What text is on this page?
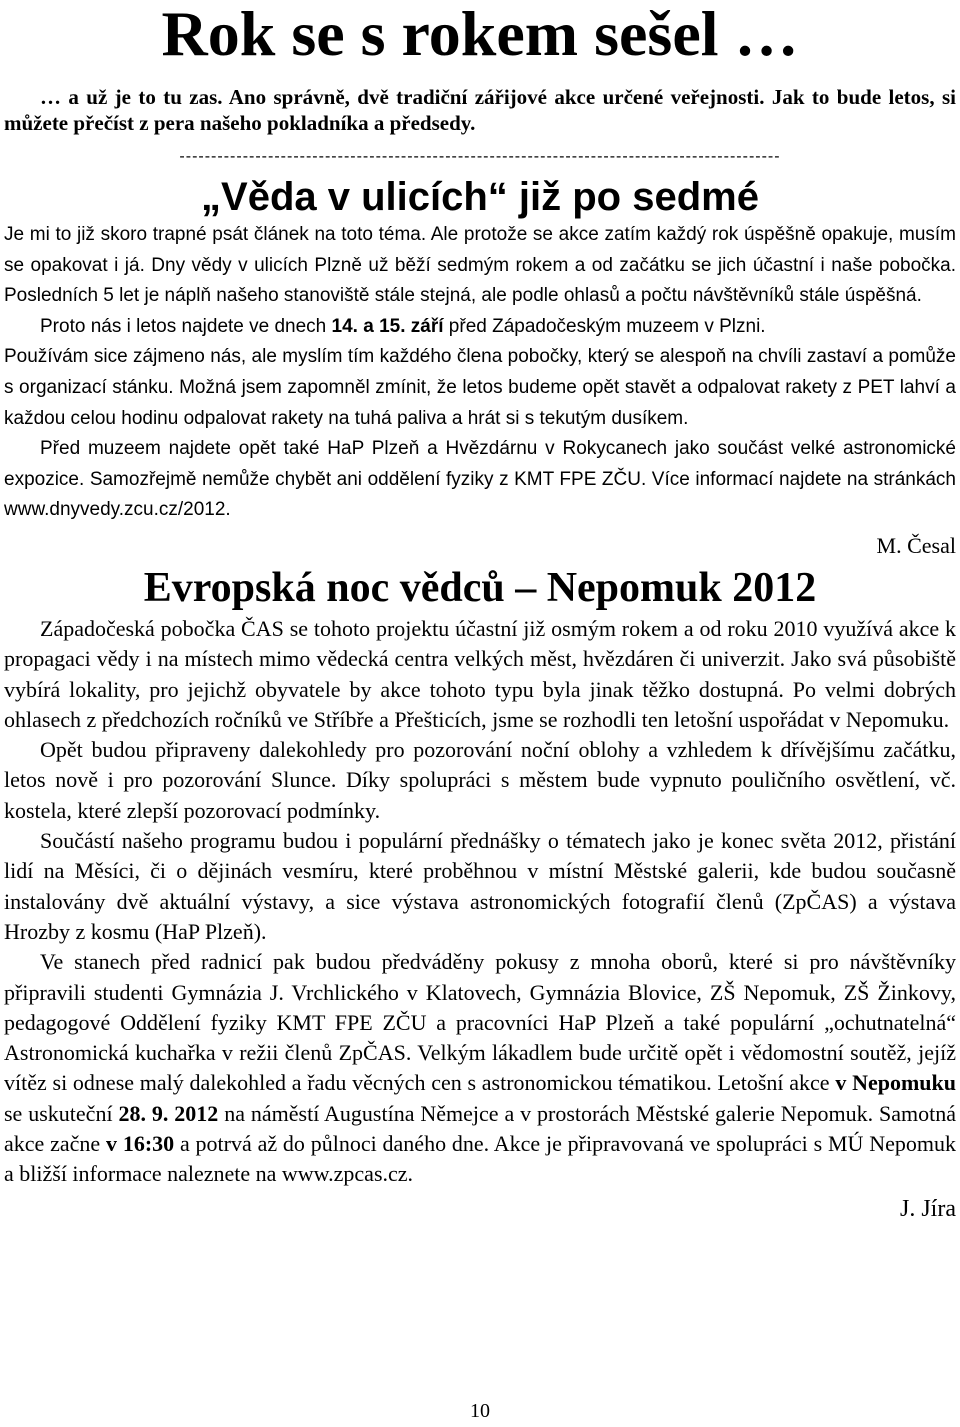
Rok se s rokem sešel …

… a už je to tu zas. Ano správně, dvě tradiční zářijové akce určené veřejnosti. Jak to bude letos, si můžete přečíst z pera našeho pokladníka a předsedy.

-----------------------------------------------------------------------------------------------
„Věda v ulicích“ již po sedmé

Je mi to již skoro trapné psát článek na toto téma. Ale protože se akce zatím každý rok úspěšně opakuje, musím se opakovat i já. Dny vědy v ulicích Plzně už běží sedmým rokem a od začátku se jich účastní i naše pobočka. Posledních 5 let je náplň našeho stanoviště stále stejná, ale podle ohlasů a počtu návštěvníků stále úspěšná.

Proto nás i letos najdete ve dnech 14. a 15. září před Západočeským muzeem v Plzni.

Používám sice zájmeno nás, ale myslím tím každého člena pobočky, který se alespoň na chvíli zastaví a pomůže s organizací stánku. Možná jsem zapomněl zmínit, že letos budeme opět stavět a odpalovat rakety z PET lahví a každou celou hodinu odpalovat rakety na tuhá paliva a hrát si s tekutým dusíkem.

Před muzeem najdete opět také HaP Plzeň a Hvězdárnu v Rokycanech jako součást velké astronomické expozice. Samozřejmě nemůže chybět ani oddělení fyziky z KMT FPE ZČU. Více informací najdete na stránkách www.dnyvedy.zcu.cz/2012.

M. Česal
Evropská noc vědců – Nepomuk 2012

Západočeská pobočka ČAS se tohoto projektu účastní již osmým rokem a od roku 2010 využívá akce k propagaci vědy i na místech mimo vědecká centra velkých měst, hvězdáren či univerzit. Jako svá působiště vybírá lokality, pro jejichž obyvatele by akce tohoto typu byla jinak těžko dostupná. Po velmi dobrých ohlasech z předchozích ročníků ve Stříbře a Přešticích, jsme se rozhodli ten letošní uspořádat v Nepomuku.

Opět budou připraveny dalekohledy pro pozorování noční oblohy a vzhledem k dřívějšímu začátku, letos nově i pro pozorování Slunce. Díky spolupráci s městem bude vypnuto pouličního osvětlení, vč. kostela, které zlepší pozorovací podmínky.

Součástí našeho programu budou i populární přednášky o tématech jako je konec světa 2012, přistání lidí na Měsíci, či o dějinách vesmíru, které proběhnou v místní Městské galerii, kde budou současně instalovány dvě aktuální výstavy, a sice výstava astronomických fotografií členů (ZpČAS) a výstava Hrozby z kosmu (HaP Plzeň).

Ve stanech před radnicí pak budou předváděny pokusy z mnoha oborů, které si pro návštěvníky připravili studenti Gymnázia J. Vrchlického v Klatovech, Gymnázia Blovice, ZŠ Nepomuk, ZŠ Žinkovy, pedagogové Oddělení fyziky KMT FPE ZČU a pracovníci HaP Plzeň a také populární „ochutnatelná“ Astronomická kuchařka v režii členů ZpČAS. Velkým lákadlem bude určitě opět i vědomostní soutěž, jejíž vítěz si odnese malý dalekohled a řadu věcných cen s astronomickou tématikou. Letošní akce v Nepomuku se uskuteční 28. 9. 2012 na náměstí Augustína Němejce a v prostorách Městské galerie Nepomuk. Samotná akce začne v 16:30 a potrvá až do půlnoci daného dne. Akce je připravovaná ve spolupráci s MÚ Nepomuk a bližší informace naleznete na www.zpcas.cz.

J. Jíra
10
